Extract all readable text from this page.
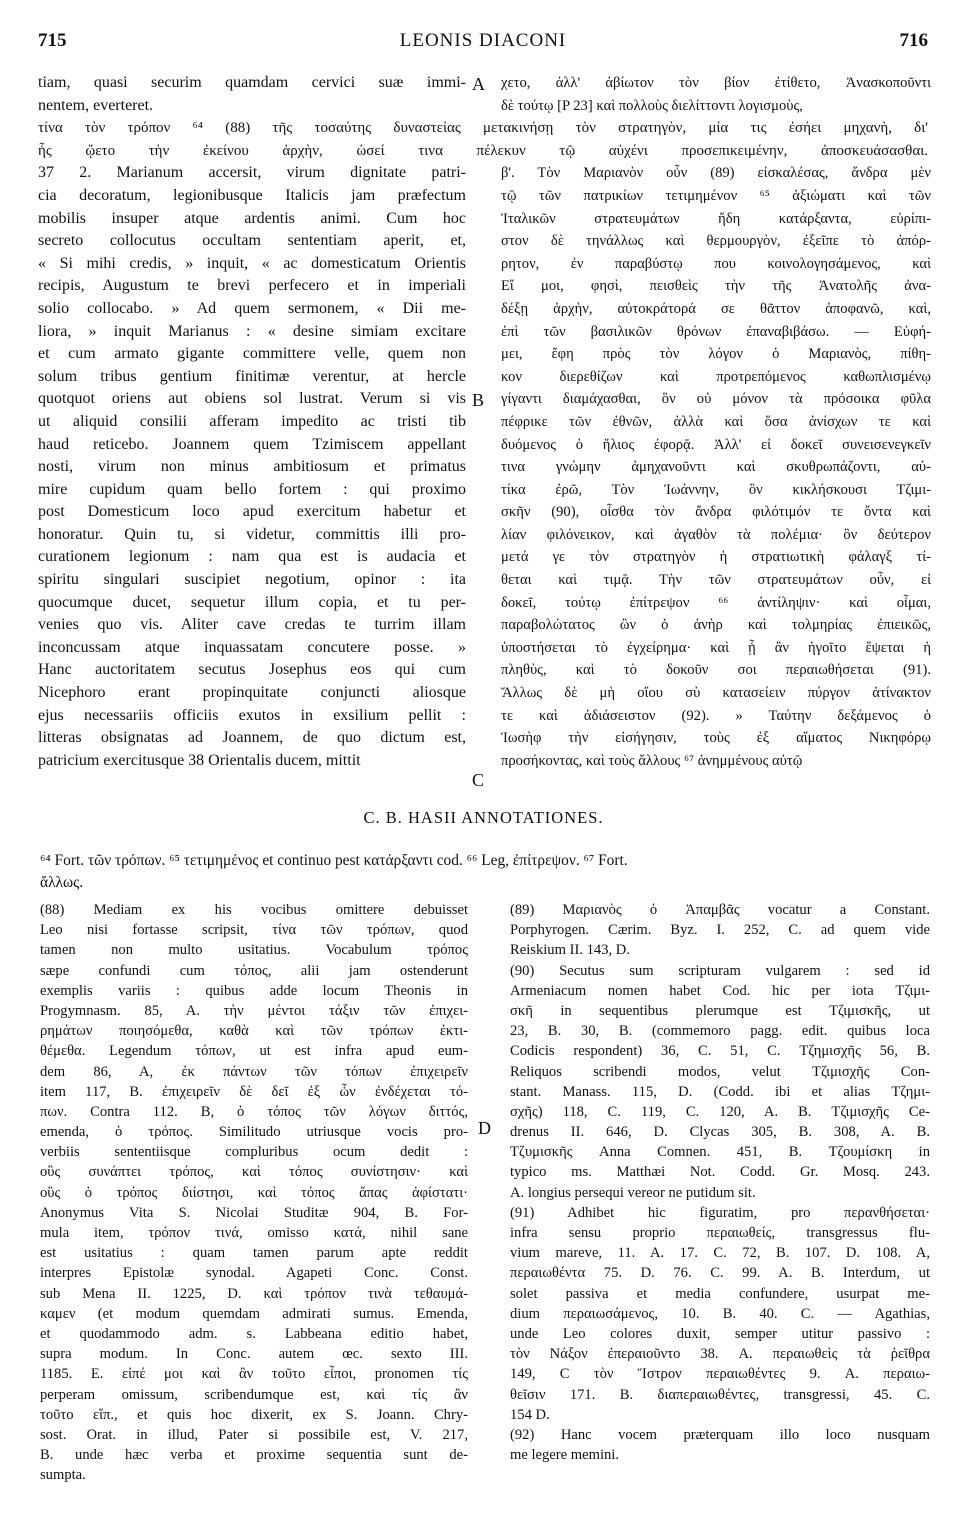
715	LEONIS DIACONI	716
tiam, quasi securim quamdam cervici suæ immi-
nentem, everteret.
37 2. Marianum accersit, virum dignitate patri-
cia decoratum, legionibusque Italicis jam præfectum
mobilis insuper atque ardentis animi. Cum hoc
secreto collocutus occultam sententiam aperit, et,
« Si mihi credis, » inquit, « ac domesticatum Orientis
recipis, Augustum te brevi perfecero et in imperiali
solio collocabo. » Ad quem sermonem, « Dii me-
liora, » inquit Marianus : « desine simiam excitare
et cum armato gigante committere velle, quem non
solum tribus gentium finitimæ verentur, at hercle
quotquot oriens aut obiens sol lustrat. Verum si vis
ut aliquid consilii afferam impedito ac tristi tib
haud reticebo. Joannem quem Tzimiscem appellant
nosti, virum non minus ambitiosum et primatus
mire cupidum quam bello fortem : qui proximo
post Domesticum loco apud exercitum habetur et
honoratur. Quin tu, si videtur, committis illi pro-
curationem legionum : nam qua est is audacia et
spiritu singulari suscipiet negotium, opinor : ita
quocumque ducet, sequetur illum copia, et tu per-
venies quo vis. Aliter cave credas te turrim illam
inconcussam atque inquassatam concutere posse. »
Hanc auctoritatem secutus Josephus eos qui cum
Nicephoro erant propinquitate conjuncti aliosque
ejus necessariis officiis exutos in exsilium pellit :
litteras obsignatas ad Joannem, de quo dictum est,
patricium exercitusque 38 Orientalis ducem, mittit
χετο, ἀλλ' ἀβίωτον τὸν βίον ἐτίθετο, Ἀνασκοποῦντι
δὲ τούτῳ [P 23] καὶ πολλοὺς διελίττοντι λογισμοὺς,
β'. Τὸν Μαριανὸν οὖν (89) εἰσκαλέσας, ἄνδρα μὲν
τῷ τῶν πατρικίων τετιμημένον ⁶⁵ ἀξιώματι καὶ τῶν
Ἰταλικῶν στρατευμάτων ἤδη κατάρξαντα, εὐρίπι-
στον δὲ τηνάλλως καὶ θερμουργὸν, ἐξεῖπε τὸ ἀπόρ-
ρητον, ἐν παραβύστῳ που κοινολογησάμενος, καὶ
Εἴ μοι, φησὶ, πεισθεὶς τὴν τῆς Ἀνατολῆς ἀνα-
δέξῃ ἀρχὴν, αὐτοκράτορά σε θᾶττον ἀποφανῶ, καὶ,
ἐπὶ τῶν βασιλικῶν θρόνων ἐπαναβιβάσω. — Εὐφή-
μει, ἔφη πρὸς τὸν λόγον ὁ Μαριανὸς, πίθη-
κον διερεθίζων καὶ προτρεπόμενος καθωπλισμένῳ
γίγαντι διαμάχασθαι, ὃν οὐ μόνον τὰ πρόσοικα φῦλα
πέφρικε τῶν ἐθνῶν, ἀλλὰ καὶ ὅσα ἀνίσχων τε καὶ
δυόμενος ὁ ἥλιος ἐφορᾷ. Ἀλλ' εἰ δοκεῖ συνεισενεγκεῖν
τινα γνώμην ἀμηχανοῦντι καὶ σκυθρωπάζοντι, αὐ-
τίκα ἐρῶ, Τὸν Ἰωάννην, ὃν κικλήσκουσι Τζιμι-
σκῆν (90), οἶσθα τὸν ἄνδρα φιλότιμόν τε ὄντα καὶ
λίαν φιλόνεικον, καὶ ἀγαθὸν τὰ πολέμια· ὃν δεύτερον
μετά γε τὸν στρατηγὸν ἡ στρατιωτικὴ φάλαγξ τί-
θεται καὶ τιμᾷ. Τὴν τῶν στρατευμάτων οὖν, εἰ
δοκεῖ, τούτῳ ἐπίτρεψον ⁶⁶ ἀντίληψιν· καὶ οἶμαι,
παραβολώτατος ὢν ὁ ἀνὴρ καὶ τολμηρίας ἐπιεικῶς,
ὑποστήσεται τὸ ἐγχείρημα· καὶ ᾗ ἂν ἡγοῖτο ἕψεται ἡ
πληθὺς, καὶ τὸ δοκοῦν σοι περαιωθήσεται (91).
Ἄλλως δὲ μὴ οἴου σὺ κατασείειν πύργον ἀτίνακτον
τε καὶ ἀδιάσειστον (92). » Ταύτην δεξάμενος ὁ
Ἰωσὴφ τὴν εἰσήγησιν, τοὺς ἐξ αἵματος Νικηφόρῳ
προσήκοντας, καὶ τοὺς ἄλλους ⁶⁷ ἀνημμένους αὐτῷ
τίνα τὸν τρόπον ⁶⁴ (88) τῆς τοσαύτης δυναστείας μετακινήσῃ τὸν στρατηγὸν, μία τις ἐσήει μηχανὴ, δι'
ἧς ᾤετο τὴν ἐκείνου ἀρχὴν, ὡσεί τινα πέλεκυν τῷ αὐχένι προσεπικειμένην, ἀποσκευάσασθαι.
A
B
C
D
C. B. HASII ANNOTATIONES.
⁶⁴ Fort. τῶν τρόπων. ⁶⁵ τετιμημένος et continuo pest κατάρξαντι cod. ⁶⁶ Leg, ἐπίτρεψον. ⁶⁷ Fort.
ἄλλως.
(88) Mediam ex his vocibus omittere debuisset
Leo nisi fortasse scripsit, τίνα τῶν τρόπων, quod
tamen non multo usitatius. Vocabulum τρόπος
sæpe confundi cum τόπος, alii jam ostenderunt
exemplis variis : quibus adde locum Theonis in
Progymnasm. 85, A. τὴν μέντοι τάξιν τῶν ἐπιχει-
ρημάτων ποιησόμεθα, καθὰ καὶ τῶν τρόπων ἐκτι-
θέμεθα. Legendum τόπων, ut est infra apud eum-
dem 86, A, ἐκ πάντων τῶν τόπων ἐπιχειρεῖν
item 117, B. ἐπιχειρεῖν δὲ δεῖ ἐξ ὧν ἐνδέχεται τό-
πων. Contra 112. B, ὁ τόπος τῶν λόγων διττός,
emenda, ὁ τρόπος. Similitudo utriusque vocis pro-
verbiis sententiisque compluribus ocum dedit :
οὓς συνάπτει τρόπος, καὶ τόπος συνίστησιν· καὶ
οὓς ὁ τρόπος διίστησι, καὶ τόπος ἅπας ἀφίστατι·
Anonymus Vita S. Nicolai Studitæ 904, B. For-
mula item, τρόπον τινά, omisso κατά, nihil sane
est usitatius : quam tamen parum apte reddit
interpres Epistolæ synodal. Agapeti Conc. Const.
sub Mena II. 1225, D. καὶ τρόπον τινὰ τεθαυμά-
καμεν (et modum quemdam admirati sumus. Emenda,
et quodammodo adm. s. Labbeana editio habet,
supra modum. In Conc. autem œc. sexto III.
1185. E. εἰπέ μοι καὶ ἂν τοῦτο εἶποι, pronomen τίς
perperam omissum, scribendumque est, καὶ τίς ἂν
τοῦτο εἴπ., et quis hoc dixerit, ex S. Joann. Chry-
sost. Orat. in illud, Pater si possibile est, V. 217,
B. unde hæc verba et proxime sequentia sunt de-
sumpta.
(89) Μαριανὸς ὁ Ἀπαμβᾶς vocatur a Constant.
Porphyrogen. Cærim. Byz. I. 252, C. ad quem vide
Reiskium II. 143, D.
(90) Secutus sum scripturam vulgarem : sed id
Armeniacum nomen habet Cod. hic per iota Τζιμι-
σκῆ in sequentibus plerumque est Τζιμισκῆς, ut
23, B. 30, B. (commemoro pagg. edit. quibus loca
Codicis respondent) 36, C. 51, C. Τζημισχῆς 56, B.
Reliquos scribendi modos, velut Τζιμισχῆς Con-
stant. Manass. 115, D. (Codd. ibi et alias Τζημι-
σχῆς) 118, C. 119, C. 120, A. B. Τζιμισχῆς Ce-
drenus II. 646, D. Clycas 305, B. 308, A. B.
Τζυμισκῆς Anna Comnen. 451, B. Τζουμίσκη in
typico ms. Matthæi Not. Codd. Gr. Mosq. 243.
A. longius persequi vereor ne putidum sit.
(91) Adhibet hic figuratim, pro περανθήσεται·
infra sensu proprio περαιωθείς, transgressus flu-
vium mareve, 11. A. 17. C. 72, B. 107. D. 108. A,
περαιωθέντα 75. D. 76. C. 99. A. B. Interdum, ut
solet passiva et media confundere, usurpat me-
dium περαιωσάμενος, 10. B. 40. C. — Agathias,
unde Leo colores duxit, semper utitur passivo :
τὸν Νάξον ἐπεραιοῦντο 38. A. περαιωθεὶς τὰ ῥεῖθρα
149, C τὸν Ἴστρον περαιωθέντες 9. A. περαιω-
θεῖσιν 171. B. διαπεραιωθέντες, transgressi, 45. C.
154 D.
(92) Hanc vocem præterquam illo loco nusquam
me legere memini.
